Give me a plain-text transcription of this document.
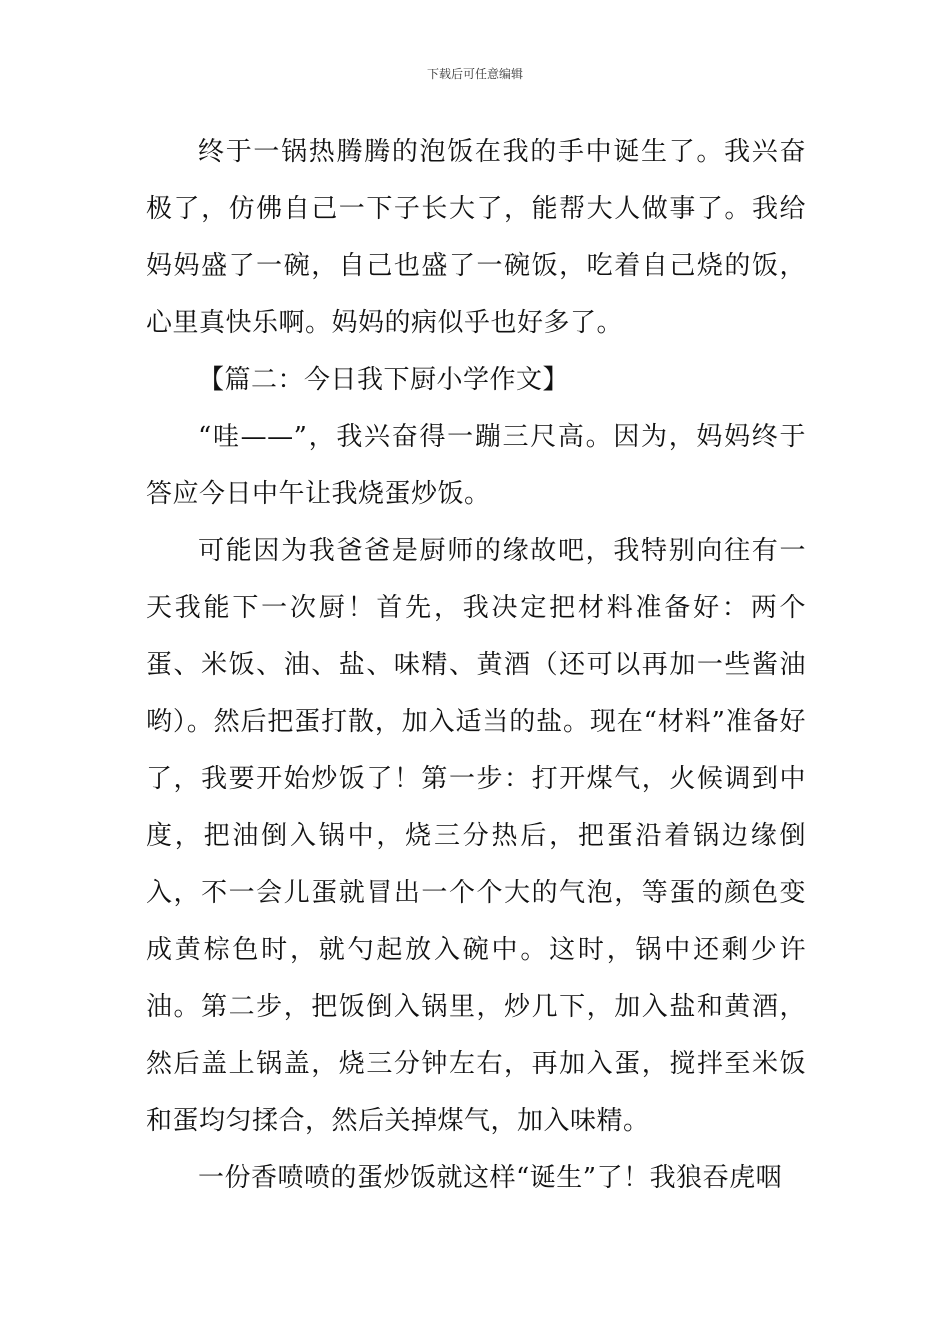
下载后可任意编辑

终于一锅热腾腾的泡饭在我的手中诞生了。我兴奋极了，仿佛自己一下子长大了，能帮大人做事了。我给妈妈盛了一碗，自己也盛了一碗饭，吃着自己烧的饭，心里真快乐啊。妈妈的病似乎也好多了。

【篇二：今日我下厨小学作文】

“哇——”，我兴奋得一蹦三尺高。因为，妈妈终于答应今日中午让我烧蛋炒饭。

可能因为我爸爸是厨师的缘故吧，我特别向往有一天我能下一次厨！首先，我决定把材料准备好：两个蛋、米饭、油、盐、味精、黄酒（还可以再加一些酱油哟）。然后把蛋打散，加入适当的盐。现在“材料”准备好了，我要开始炒饭了！第一步：打开煤气，火候调到中度，把油倒入锅中，烧三分热后，把蛋沿着锅边缘倒入，不一会儿蛋就冒出一个个大的气泡，等蛋的颜色变成黄棕色时，就勺起放入碗中。这时，锅中还剩少许油。第二步，把饭倒入锅里，炒几下，加入盐和黄酒，然后盖上锅盖，烧三分钟左右，再加入蛋，搅拌至米饭和蛋均匀揉合，然后关掉煤气，加入味精。

一份香喷喷的蛋炒饭就这样“诞生”了！我狼吞虎咽
